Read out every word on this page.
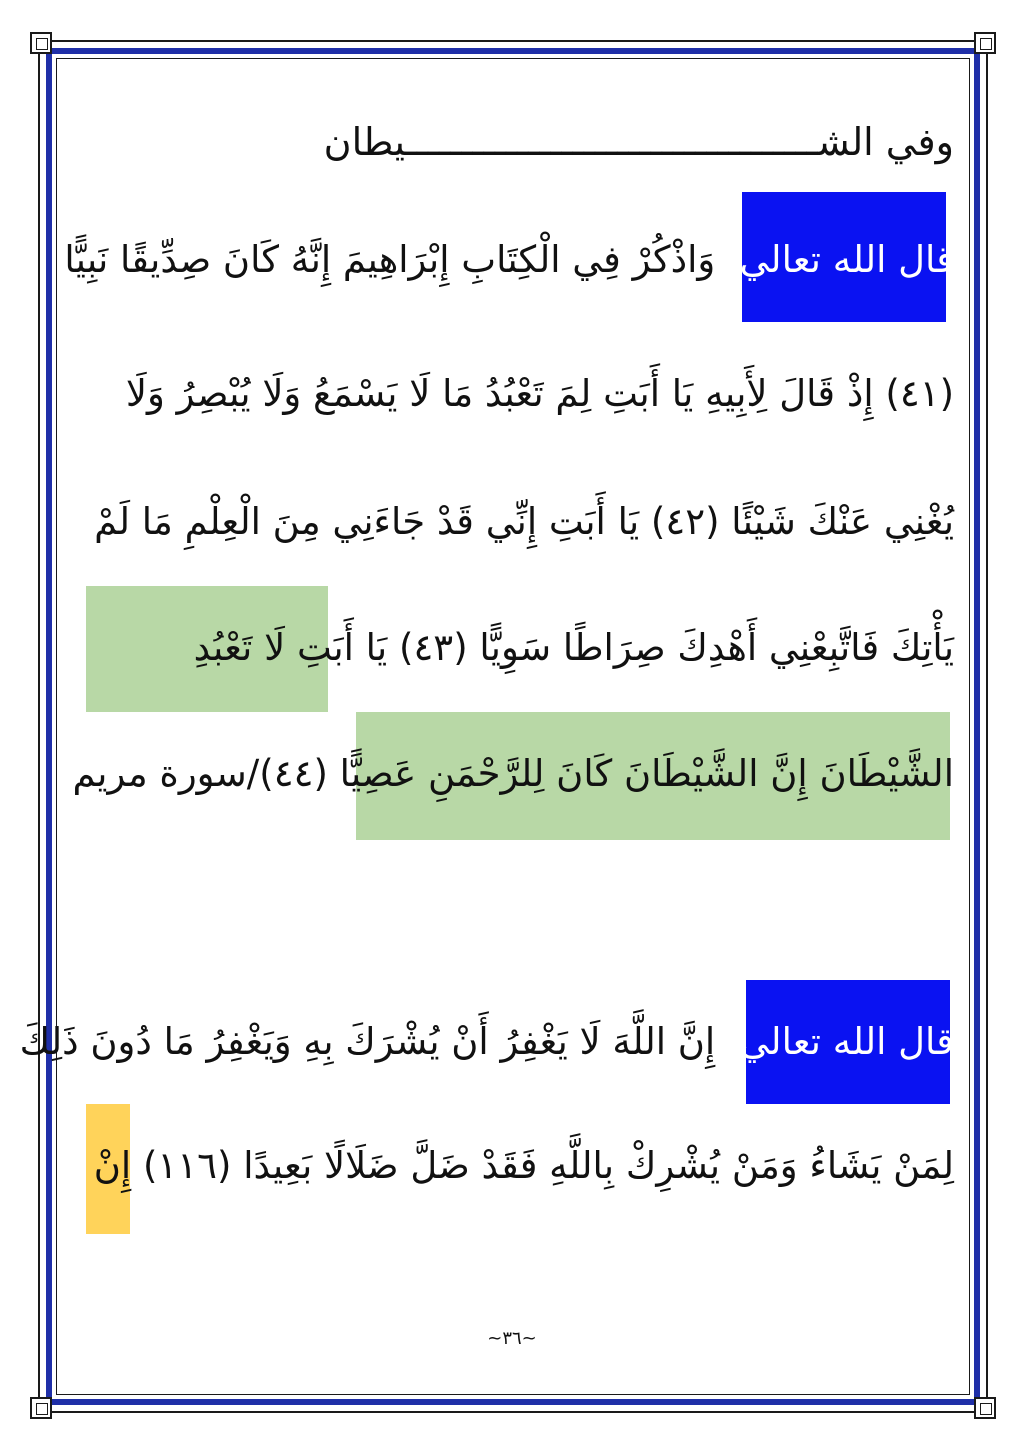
وفي الشـــــــــــــــــــــــــــــــــــــيطان
قال الله تعالي: وَاذْكُرْ فِي الْكِتَابِ إِبْرَاهِيمَ إِنَّهُ كَانَ صِدِّيقًا نَبِيًّا
(٤١) إِذْ قَالَ لِأَبِيهِ يَا أَبَتِ لِمَ تَعْبُدُ مَا لَا يَسْمَعُ وَلَا يُبْصِرُ وَلَا
يُغْنِي عَنْكَ شَيْئًا (٤٢) يَا أَبَتِ إِنِّي قَدْ جَاءَنِي مِنَ الْعِلْمِ مَا لَمْ
يَأْتِكَ فَاتَّبِعْنِي أَهْدِكَ صِرَاطًا سَوِيًّا (٤٣) يَا أَبَتِ لَا تَعْبُدِ
الشَّيْطَانَ إِنَّ الشَّيْطَانَ كَانَ لِلرَّحْمَنِ عَصِيًّا (٤٤)/سورة مريم
قال الله تعالي: إِنَّ اللَّهَ لَا يَغْفِرُ أَنْ يُشْرَكَ بِهِ وَيَغْفِرُ مَا دُونَ ذَلِكَ
لِمَنْ يَشَاءُ وَمَنْ يُشْرِكْ بِاللَّهِ فَقَدْ ضَلَّ ضَلَالًا بَعِيدًا (١١٦) إِنْ
~٣٦~
